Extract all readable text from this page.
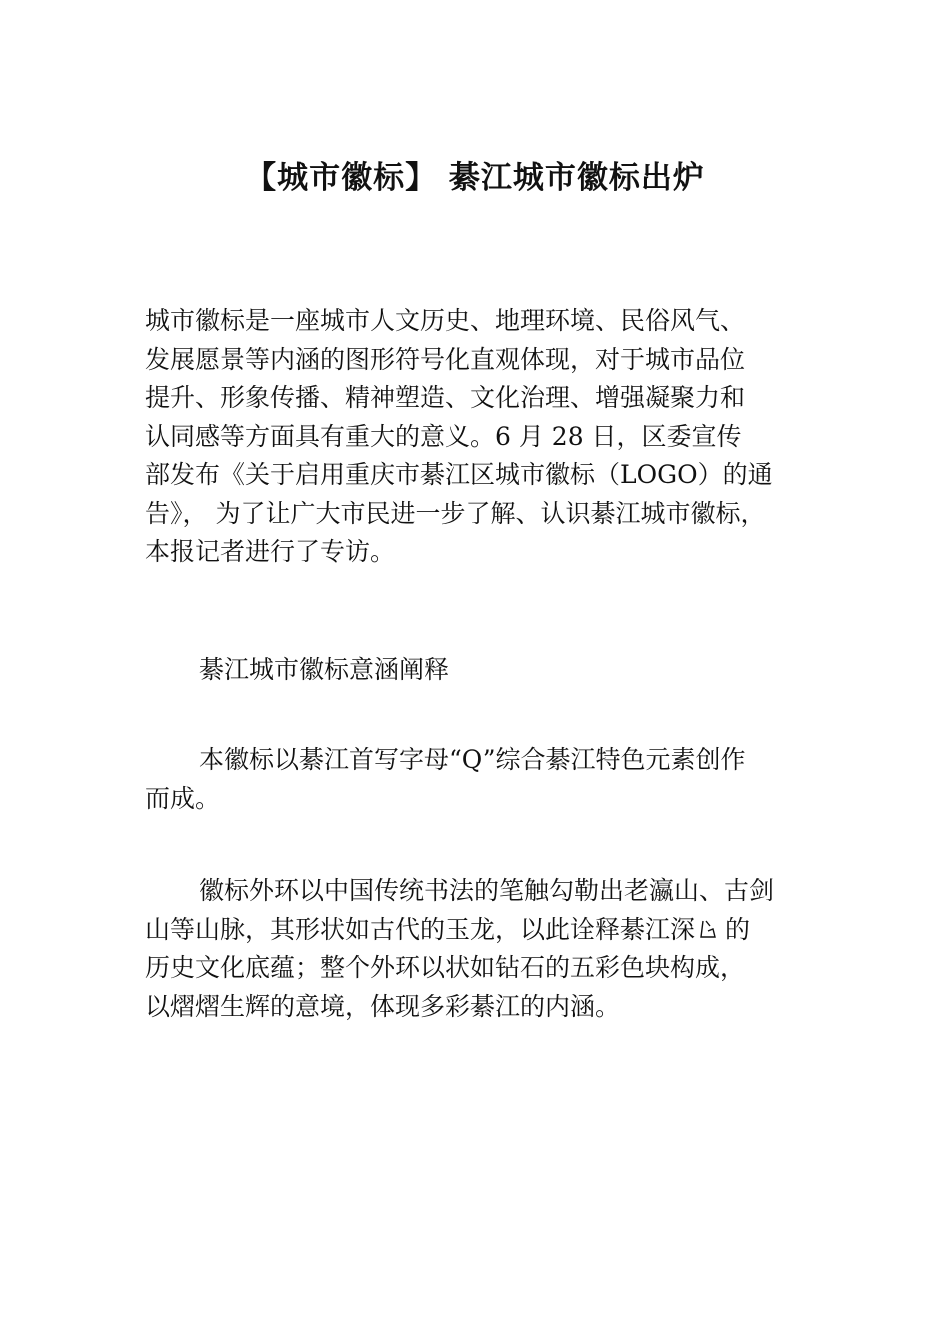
【城市徽标】 綦江城市徽标出炉

城市徽标是一座城市人文历史、地理环境、民俗风气、
发展愿景等内涵的图形符号化直观体现，对于城市品位
提升、形象传播、精神塑造、文化治理、增强凝聚力和
认同感等方面具有重大的意义。6 月 28 日，区委宣传
部发布《关于启用重庆市綦江区城市徽标（LOGO）的通
告》， 为了让广大市民进一步了解、认识綦江城市徽标，
本报记者进行了专访。

綦江城市徽标意涵阐释

本徽标以綦江首写字母“Q”综合綦江特色元素创作
而成。

徽标外环以中国传统书法的笔触勾勒出老瀛山、古剑
山等山脉，其形状如古代的玉龙，以此诠释綦江深 的
历史文化底蕴；整个外环以状如钻石的五彩色块构成，
以熠熠生辉的意境，体现多彩綦江的内涵。
